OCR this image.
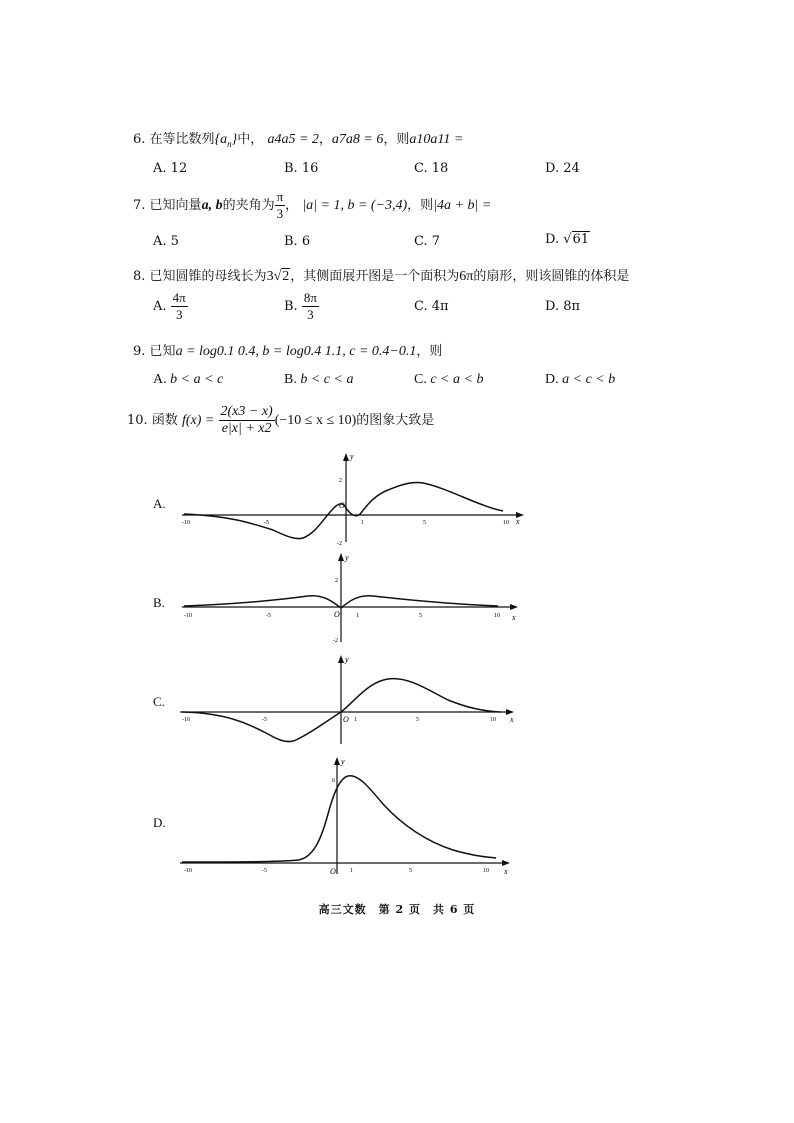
6. 在等比数列$\{a_n\}$中， a4a5 = 2，a7a8 = 6，则a10a11 =
A. 12	B. 16	C. 18	D. 24
7. 已知向量a, b的夹角为 $\frac{\pi}{3}$ ， |a| = 1, b = (−3,4)，则|4a + b| =
A. 5	B. 6	C. 7	D. √61
8. 已知圆锥的母线长为3√2，其侧面展开图是一个面积为6π的扇形，则该圆锥的体积是
A. $\frac{4\pi}{3}$	B. $\frac{8\pi}{3}$	C. 4π	D. 8π
9. 已知a = log0.1 0.4, b = log0.4 1.1, c = 0.4−0.1，则
A. b < a < c	B. b < c < a	C. c < a < b	D. a < c < b
10. 函数 $f(x) = \frac{2(x3 - x)}{e|x| + x2} (-10 \le x \le 10)$的图象大致是
A.
B.
C.
D.
y
x
-10	-5
O
1	5	10
2
-2
y
x
-10	-5	O	1	5	10
2
-2
y
x
-10	-5	O 1	5	10
y
x
-10	-5	O 1	5	10
6
高三文数　第 2 页　共 6 页
